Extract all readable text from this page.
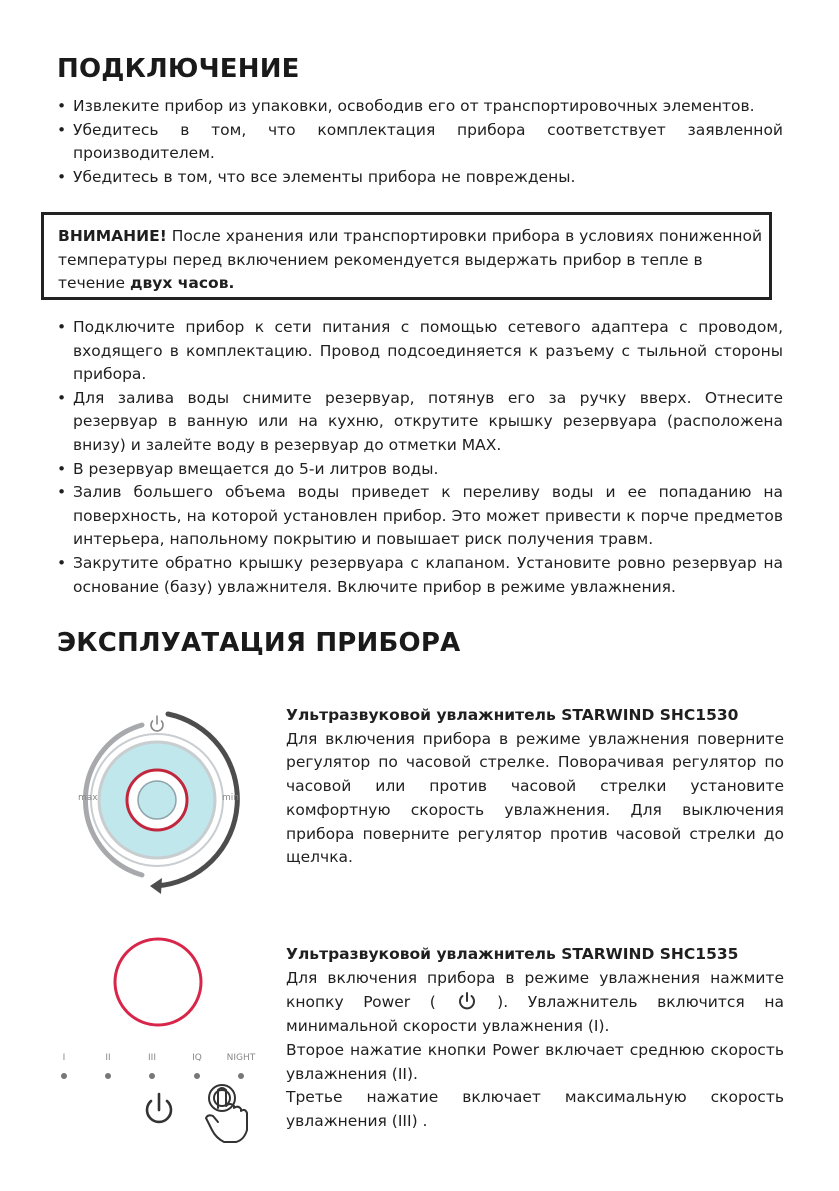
ПОДКЛЮЧЕНИЕ
• Извлеките прибор из упаковки, освободив его от транспортировочных элементов.
• Убедитесь в том, что комплектация прибора соответствует заявленной производителем.
• Убедитесь в том, что все элементы прибора не повреждены.
ВНИМАНИЕ! После хранения или транспортировки прибора в условиях пониженной температуры перед включением рекомендуется выдержать прибор в тепле в течение двух часов.
• Подключите прибор к сети питания с помощью сетевого адаптера с проводом, входящего в комплектацию. Провод подсоединяется к разъему с тыльной стороны прибора.
• Для залива воды снимите резервуар, потянув его за ручку вверх. Отнесите резервуар в ванную или на кухню, открутите крышку резервуара (расположена внизу) и залейте воду в резервуар до отметки MAX.
• В резервуар вмещается до 5-и литров воды.
• Залив большего объема воды приведет к переливу воды и ее попаданию на поверхность, на которой установлен прибор. Это может привести к порче предметов интерьера, напольному покрытию и повышает риск получения травм.
• Закрутите обратно крышку резервуара с клапаном. Установите ровно резервуар на основание (базу) увлажнителя. Включите прибор в режиме увлажнения.
ЭКСПЛУАТАЦИЯ ПРИБОРА
max	min
Ультразвуковой увлажнитель STARWIND SHC1530
Для включения прибора в режиме увлажнения поверните регулятор по часовой стрелке. Поворачивая регулятор по часовой или против часовой стрелки установите комфортную скорость увлажнения. Для выключения прибора поверните регулятор против часовой стрелки до щелчка.
I	II	III	IQ	NIGHT
Ультразвуковой увлажнитель STARWIND SHC1535
Для включения прибора в режиме увлажнения нажмите кнопку Power (  ). Увлажнитель включится на минимальной скорости увлажнения (I).
Второе нажатие кнопки Power включает среднюю скорость увлажнения (II).
Третье нажатие включает максимальную скорость увлажнения (III) .
